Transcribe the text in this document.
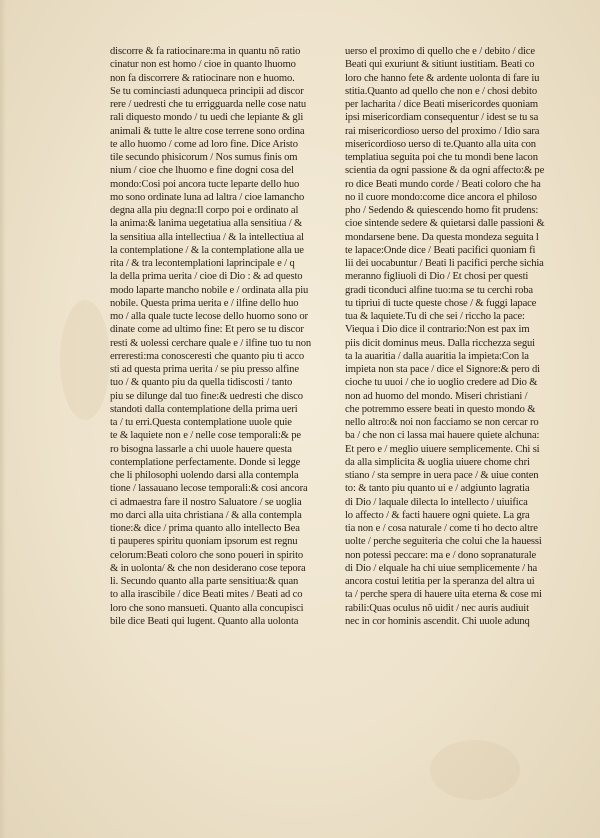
discorre & fa ratiocinare:ma in quantu nõ ratio
cinatur non est homo / cioe in quanto lhuomo
non fa discorrere & ratiocinare non e huomo.
Se tu cominciasti adunqueca principii ad discor
rere / uedresti che tu errigguarda nelle cose natu
rali diquesto mondo / tu uedi che lepiante & gli
animali & tutte le altre cose terrene sono ordina
te allo huomo / come ad loro fine. Dice Aristo
tile secundo phisicorum / Nos sumus finis om
nium / cioe che lhuomo e fine dogni cosa del
mondo:Cosi poi ancora tucte leparte dello huo
mo sono ordinate luna ad laltra / cioe lamancho
degna alla piu degna:Il corpo poi e ordinato al
la anima:& lanima uegetatiua alla sensitiua / &
la sensitiua alla intellectiua / & la intellectiua al
la contemplatione / & la contemplatione alla ue
rita / & tra lecontemplationi laprincipale e / q
la della prima uerita / cioe di Dio : & ad questo
modo laparte mancho nobile e / ordinata alla piu
nobile. Questa prima uerita e / ilfine dello huo
mo / alla quale tucte lecose dello huomo sono or
dinate come ad ultimo fine: Et pero se tu discor
resti & uolessi cerchare quale e / ilfine tuo tu non
erreresti:ma conosceresti che quanto piu ti acco
sti ad questa prima uerita / se piu presso alfine
tuo / & quanto piu da quella tidiscosti / tanto
piu se dilunge dal tuo fine:& uedresti che disco
standoti dalla contemplatione della prima ueri
ta / tu erri.Questa contemplatione uuole quie
te & laquiete non e / nelle cose temporali:& pe
ro bisogna lassarle a chi uuole hauere questa
contemplatione perfectamente. Donde si legge
che li philosophi uolendo darsi alla contempla
tione / lassauano lecose temporali:& cosi ancora
ci admaestra fare il nostro Saluatore / se uoglia
mo darci alla uita christiana / & alla contempla
tione:& dice / prima quanto allo intellecto Bea
ti pauperes spiritu quoniam ipsorum est regnu
celorum:Beati coloro che sono poueri in spirito
& in uolonta/ & che non desiderano cose tepora
li. Secundo quanto alla parte sensitiua:& quan
to alla irascibile / dice Beati mites / Beati ad co
loro che sono mansueti. Quanto alla concupisci
bile dice Beati qui lugent. Quanto alla uolonta
uerso el proximo di quello che e / debito / dice
Beati qui exuriunt & sitiunt iustitiam. Beati co
loro che hanno fete & ardente uolonta di fare iu
stitia.Quanto ad quello che non e / chosi debito
per lacharita / dice Beati misericordes quoniam
ipsi misericordiam consequentur / idest se tu sa
rai misericordioso uerso del proximo / Idio sara
misericordioso uerso di te.Quanto alla uita con
templatiua seguita poi che tu mondi bene lacon
scientia da ogni passione & da ogni affecto:& pe
ro dice Beati mundo corde / Beati coloro che ha
no il cuore mondo:come dice ancora el philoso
pho / Sedendo & quiescendo homo fit prudens:
cioe sintende sedere & quietarsi dalle passioni &
mondarsene bene. Da questa mondeza seguita l
te lapace:Onde dice / Beati pacifici quoniam fi
lii dei uocabuntur / Beati li pacifici perche sichia
meranno figliuoli di Dio / Et chosi per questi
gradi ticonduci alfine tuo:ma se tu cerchi roba
tu tipriui di tucte queste chose / & fuggi lapace
tua & laquiete.Tu di che sei / riccho la pace:
Viequa i Dio dice il contrario:Non est pax im
piis dicit dominus meus. Dalla ricchezza segui
ta la auaritia / dalla auaritia la impieta:Con la
impieta non sta pace / dice el Signore:& pero di
cioche tu uuoi / che io uoglio credere ad Dio &
non ad huomo del mondo. Miseri christiani /
che potremmo essere beati in questo mondo &
nello altro:& noi non facciamo se non cercar ro
ba / che non ci lassa mai hauere quiete alchuna:
Et pero e / meglio uiuere semplicemente. Chi si
da alla simplicita & uoglia uiuere chome chri
stiano / sta sempre in uera pace / & uiue conten
to: & tanto piu quanto ui e / adgiunto lagratia
di Dio / laquale dilecta lo intellecto / uiuifica
lo affecto / & facti hauere ogni quiete. La gra
tia non e / cosa naturale / come ti ho decto altre
uolte / perche seguiteria che colui che la hauessi
non potessi peccare: ma e / dono sopranaturale
di Dio / elquale ha chi uiue semplicemente / ha
ancora costui letitia per la speranza del altra ui
ta / perche spera di hauere uita eterna & cose mi
rabili:Quas oculus nõ uidit / nec auris audiuit
nec in cor hominis ascendit. Chi uuole adunq
